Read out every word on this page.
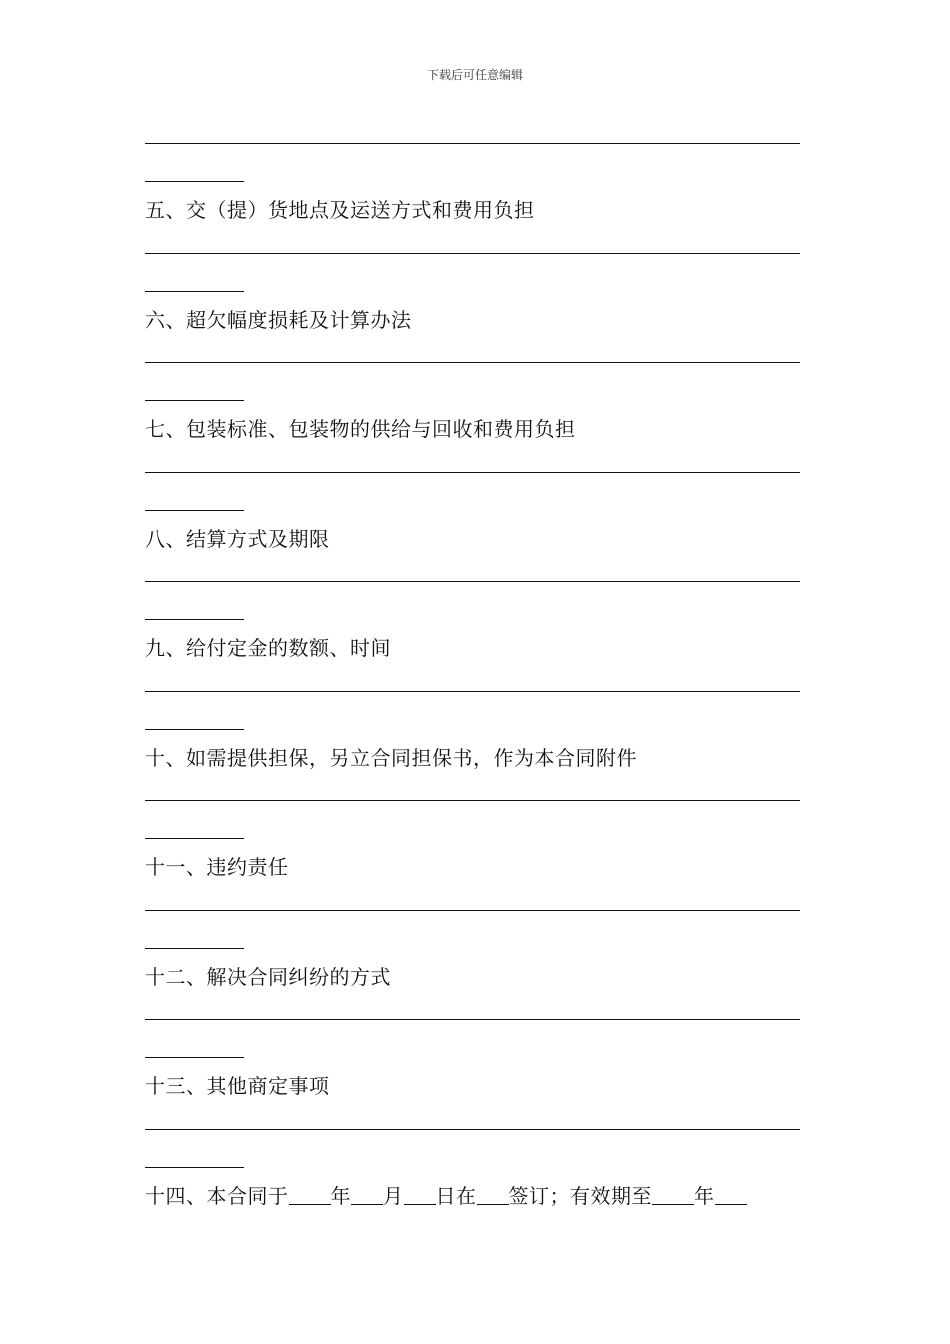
下载后可任意编辑
五、交（提）货地点及运送方式和费用负担
六、超欠幅度损耗及计算办法
七、包装标准、包装物的供给与回收和费用负担
八、结算方式及期限
九、给付定金的数额、时间
十、如需提供担保，另立合同担保书，作为本合同附件
十一、违约责任
十二、解决合同纠纷的方式
十三、其他商定事项
十四、本合同于 年 月 日在 签订；有效期至 年
